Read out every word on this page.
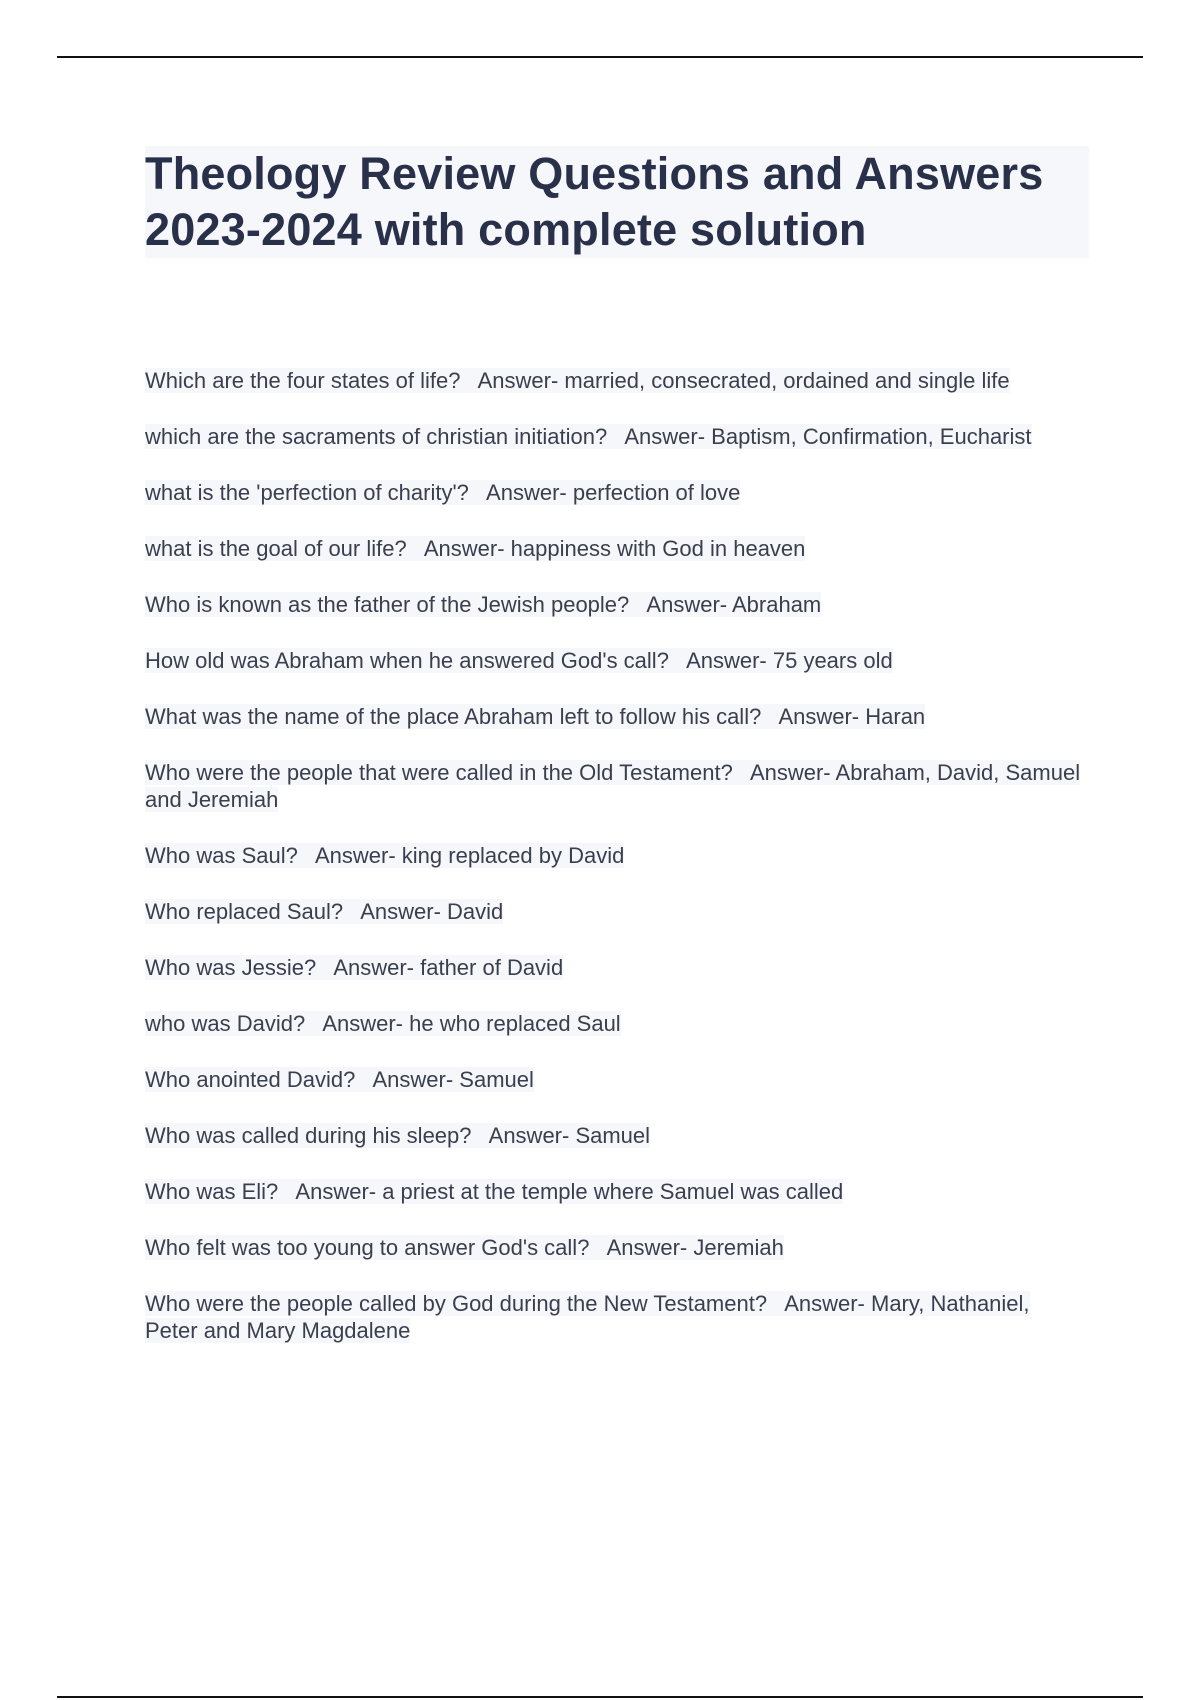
Theology Review Questions and Answers 2023-2024 with complete solution

Which are the four states of life? Answer- married, consecrated, ordained and single life

which are the sacraments of christian initiation? Answer- Baptism, Confirmation, Eucharist

what is the 'perfection of charity'? Answer- perfection of love

what is the goal of our life? Answer- happiness with God in heaven

Who is known as the father of the Jewish people? Answer- Abraham

How old was Abraham when he answered God's call? Answer- 75 years old

What was the name of the place Abraham left to follow his call? Answer- Haran

Who were the people that were called in the Old Testament? Answer- Abraham, David, Samuel and Jeremiah

Who was Saul? Answer- king replaced by David

Who replaced Saul? Answer- David

Who was Jessie? Answer- father of David

who was David? Answer- he who replaced Saul

Who anointed David? Answer- Samuel

Who was called during his sleep? Answer- Samuel

Who was Eli? Answer- a priest at the temple where Samuel was called

Who felt was too young to answer God's call? Answer- Jeremiah

Who were the people called by God during the New Testament? Answer- Mary, Nathaniel, Peter and Mary Magdalene
